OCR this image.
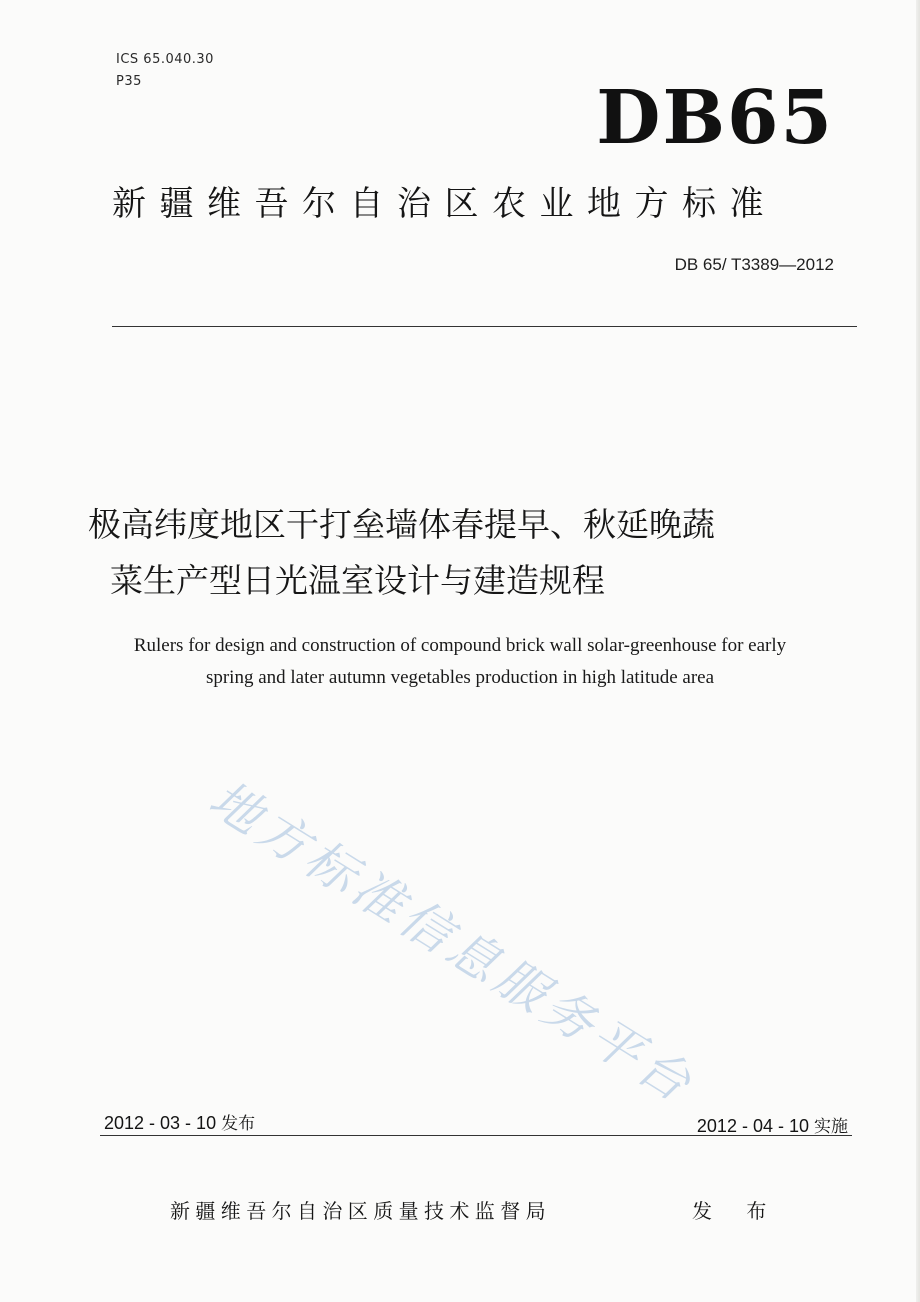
ICS 65.040.30
P35	DB65
新疆维吾尔自治区农业地方标准
DB 65/ T3389—2012
极高纬度地区干打垒墙体春提早、秋延晚蔬
菜生产型日光温室设计与建造规程
Rulers for design and construction of compound brick wall solar-greenhouse for early
spring and later autumn vegetables production in high latitude area
地方标准信息服务平台
2012 - 03 - 10 发布	2012 - 04 - 10 实施
新疆维吾尔自治区质量技术监督局	发 布
